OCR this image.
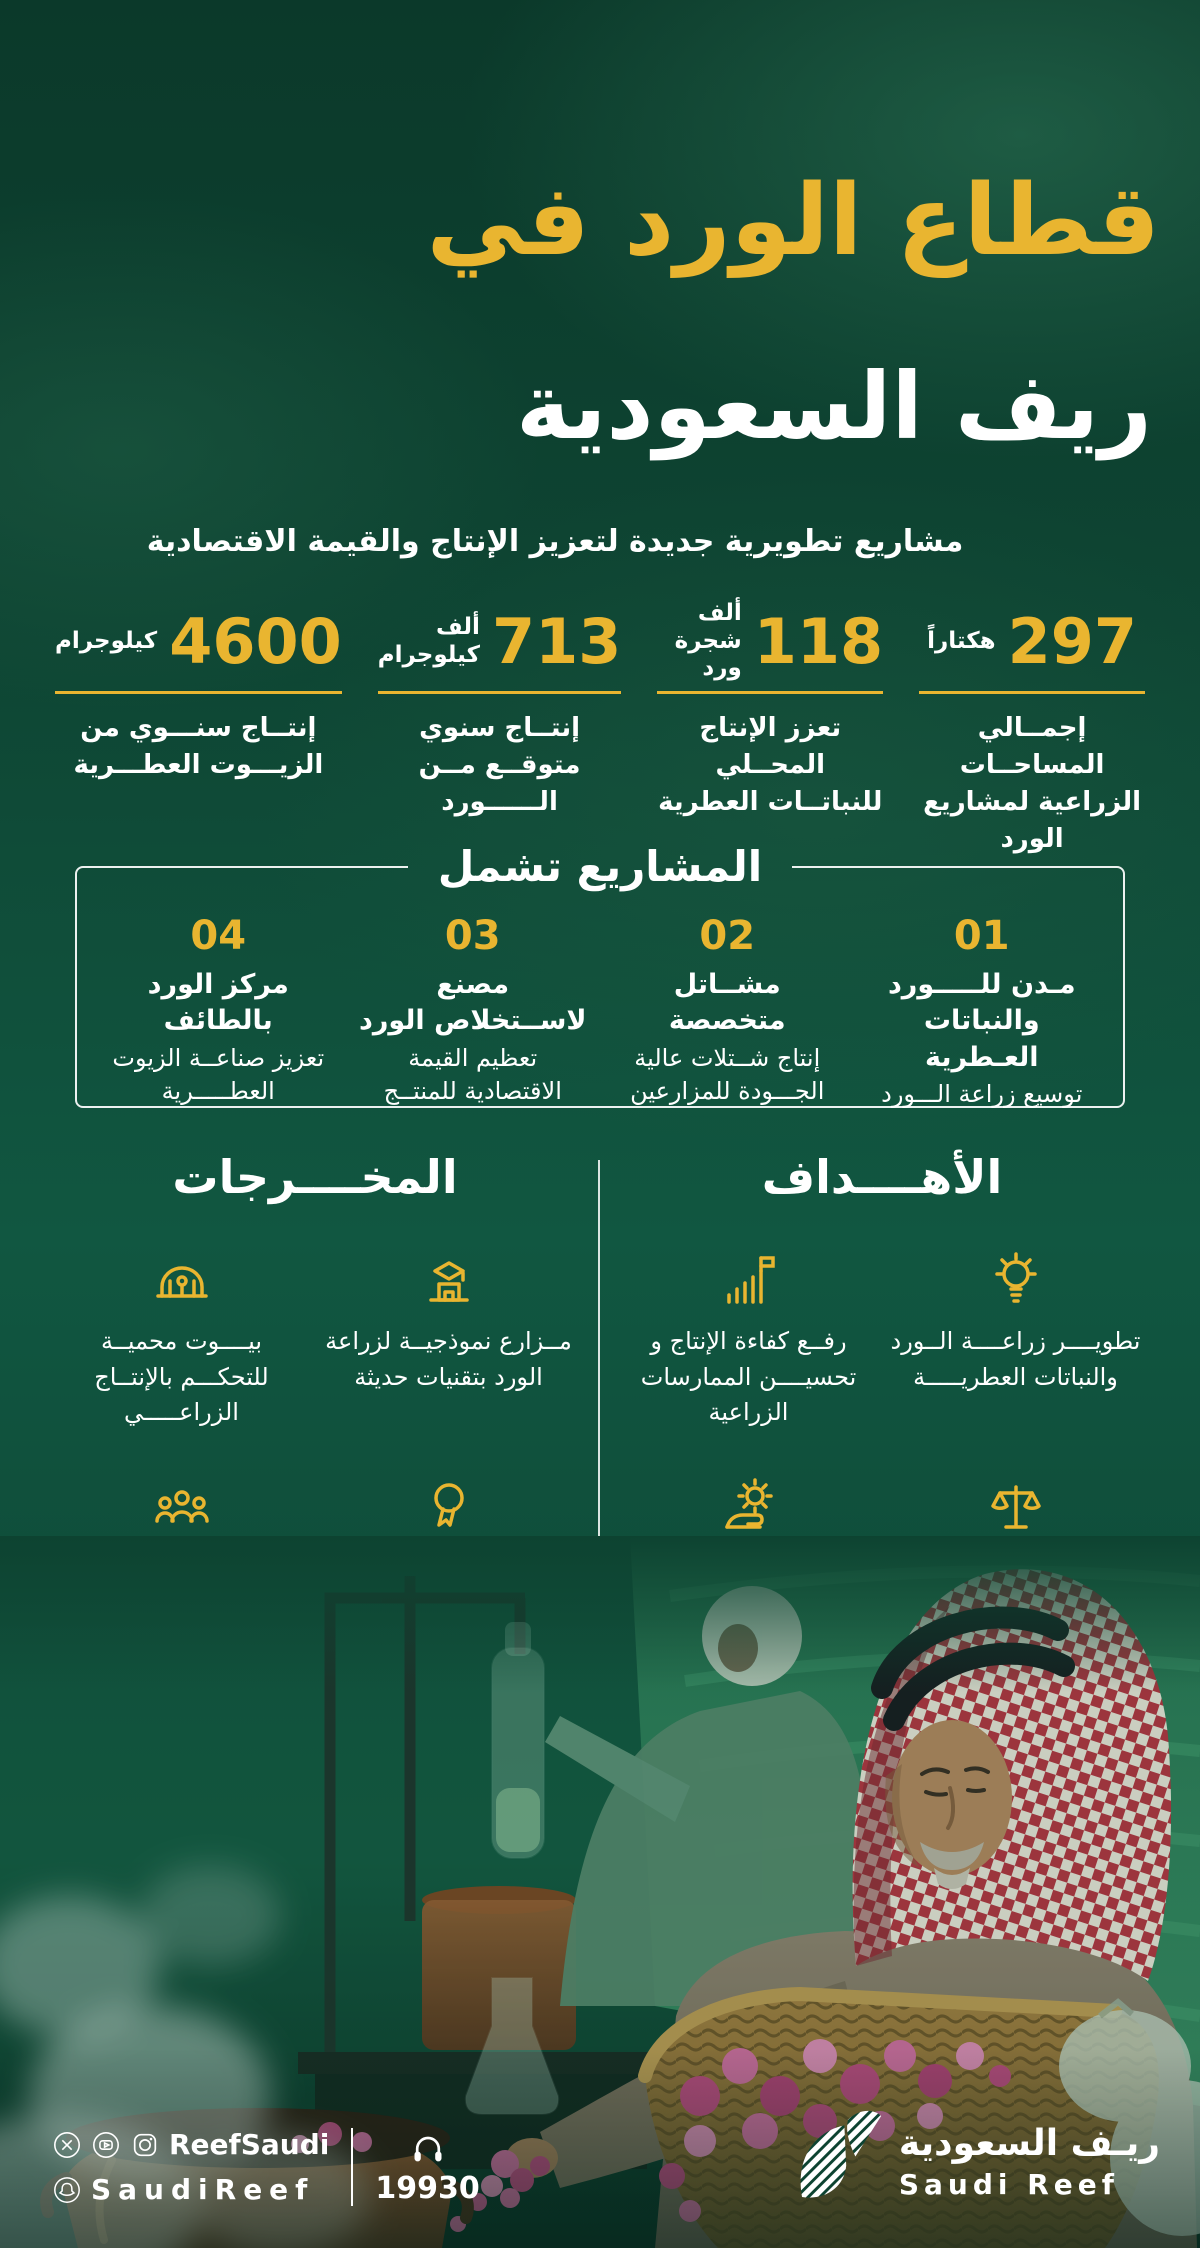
قطاع الورد في
ريف السعودية
مشاريع تطويرية جديدة لتعزيز الإنتاج والقيمة الاقتصادية
297
هكتاراً
إجمــالي المساحــات الزراعية لمشاريع الورد
118
ألف
شجرة ورد
تعزز الإنتاج المحــلي للنباتــات العطرية
713
ألف
كيلوجرام
إنتــاج سنوي متوقــع مــن الــــــورد
4600
كيلوجرام
إنتــاج سنـــوي من الزيـــوت العطـــرية
المشاريع تشمل
01
مـدن للـــــورد والنباتات العـطرية
توسيع زراعة الـــورد
02
مشــاتل متخصصة
إنتاج شــتلات عالية الجـــودة للمزارعين
03
مصنع لاســتخلاص الورد
تعظيم القيمة الاقتصادية للمنتــج
04
مركز الورد بالطائف
تعزيز صناعــة الزيوت العطـــــرية
الأهــــداف
تطويــــر زراعــــة الــورد والنباتات العطريـــــة
رفــع كفاءة الإنتاج و تحسيــــن الممارسات الزراعية
المخــــرجات
مــزارع نموذجيــة لزراعة الورد بتقنيات حديثة
بيــــوت محميــة للتحكـــم بالإنتــاج الزراعـــــي
ReefSaudi
SaudiReef 19930
ريـف السعودية
Saudi Reef
